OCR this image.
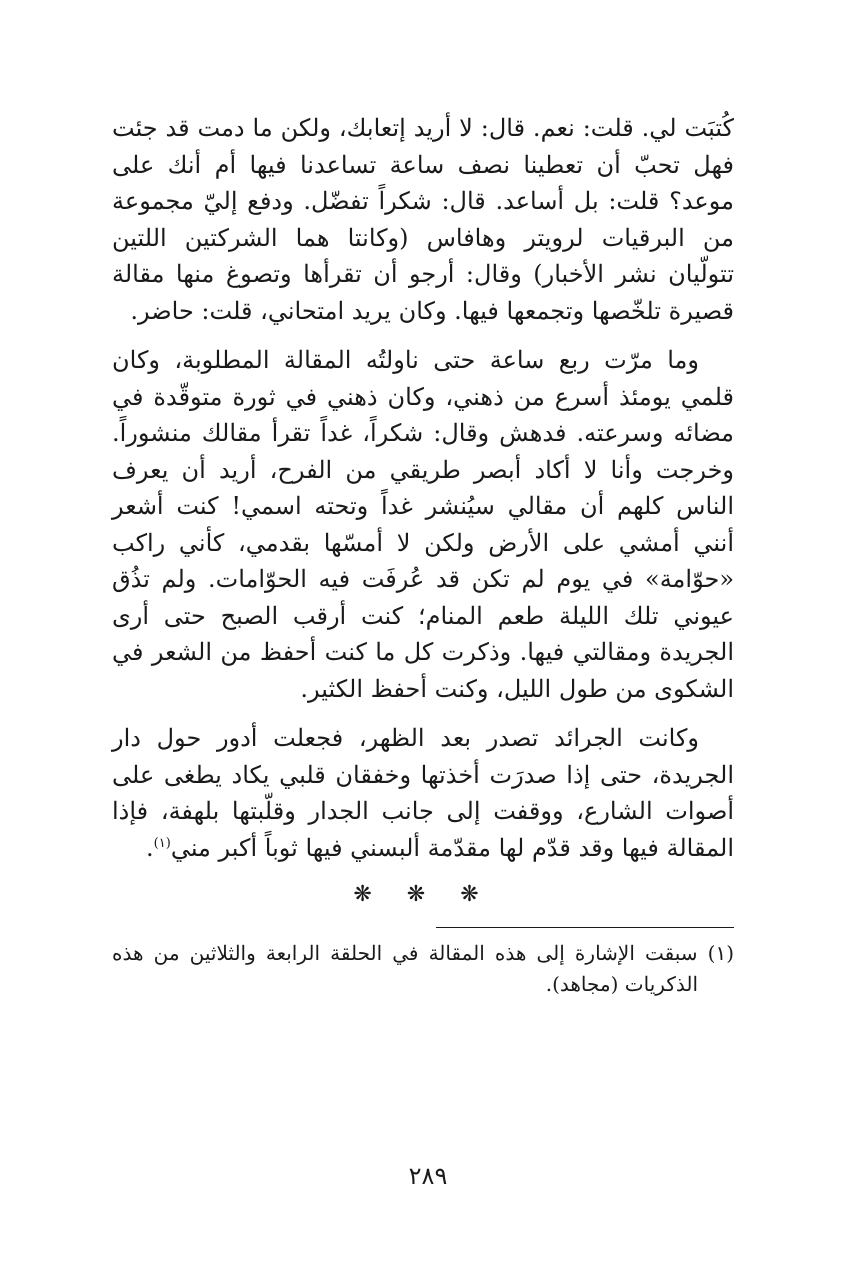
كُتبَت لي. قلت: نعم. قال: لا أريد إتعابك، ولكن ما دمت قد جئت فهل تحبّ أن تعطينا نصف ساعة تساعدنا فيها أم أنك على موعد؟ قلت: بل أساعد. قال: شكراً تفضّل. ودفع إليّ مجموعة من البرقيات لرويتر وهافاس (وكانتا هما الشركتين اللتين تتولّيان نشر الأخبار) وقال: أرجو أن تقرأها وتصوغ منها مقالة قصيرة تلخّصها وتجمعها فيها. وكان يريد امتحاني، قلت: حاضر.

وما مرّت ربع ساعة حتى ناولتُه المقالة المطلوبة، وكان قلمي يومئذ أسرع من ذهني، وكان ذهني في ثورة متوقّدة في مضائه وسرعته. فدهش وقال: شكراً، غداً تقرأ مقالك منشوراً. وخرجت وأنا لا أكاد أبصر طريقي من الفرح، أريد أن يعرف الناس كلهم أن مقالي سيُنشر غداً وتحته اسمي! كنت أشعر أنني أمشي على الأرض ولكن لا أمسّها بقدمي، كأني راكب «حوّامة» في يوم لم تكن قد عُرفَت فيه الحوّامات. ولم تذُق عيوني تلك الليلة طعم المنام؛ كنت أرقب الصبح حتى أرى الجريدة ومقالتي فيها. وذكرت كل ما كنت أحفظ من الشعر في الشكوى من طول الليل، وكنت أحفظ الكثير.

وكانت الجرائد تصدر بعد الظهر، فجعلت أدور حول دار الجريدة، حتى إذا صدرَت أخذتها وخفقان قلبي يكاد يطغى على أصوات الشارع، ووقفت إلى جانب الجدار وقلّبتها بلهفة، فإذا المقالة فيها وقد قدّم لها مقدّمة ألبسني فيها ثوباً أكبر مني$^{(١)}$.

❋ ❋ ❋

(١) سبقت الإشارة إلى هذه المقالة في الحلقة الرابعة والثلاثين من هذه الذكريات (مجاهد).

٢٨٩
